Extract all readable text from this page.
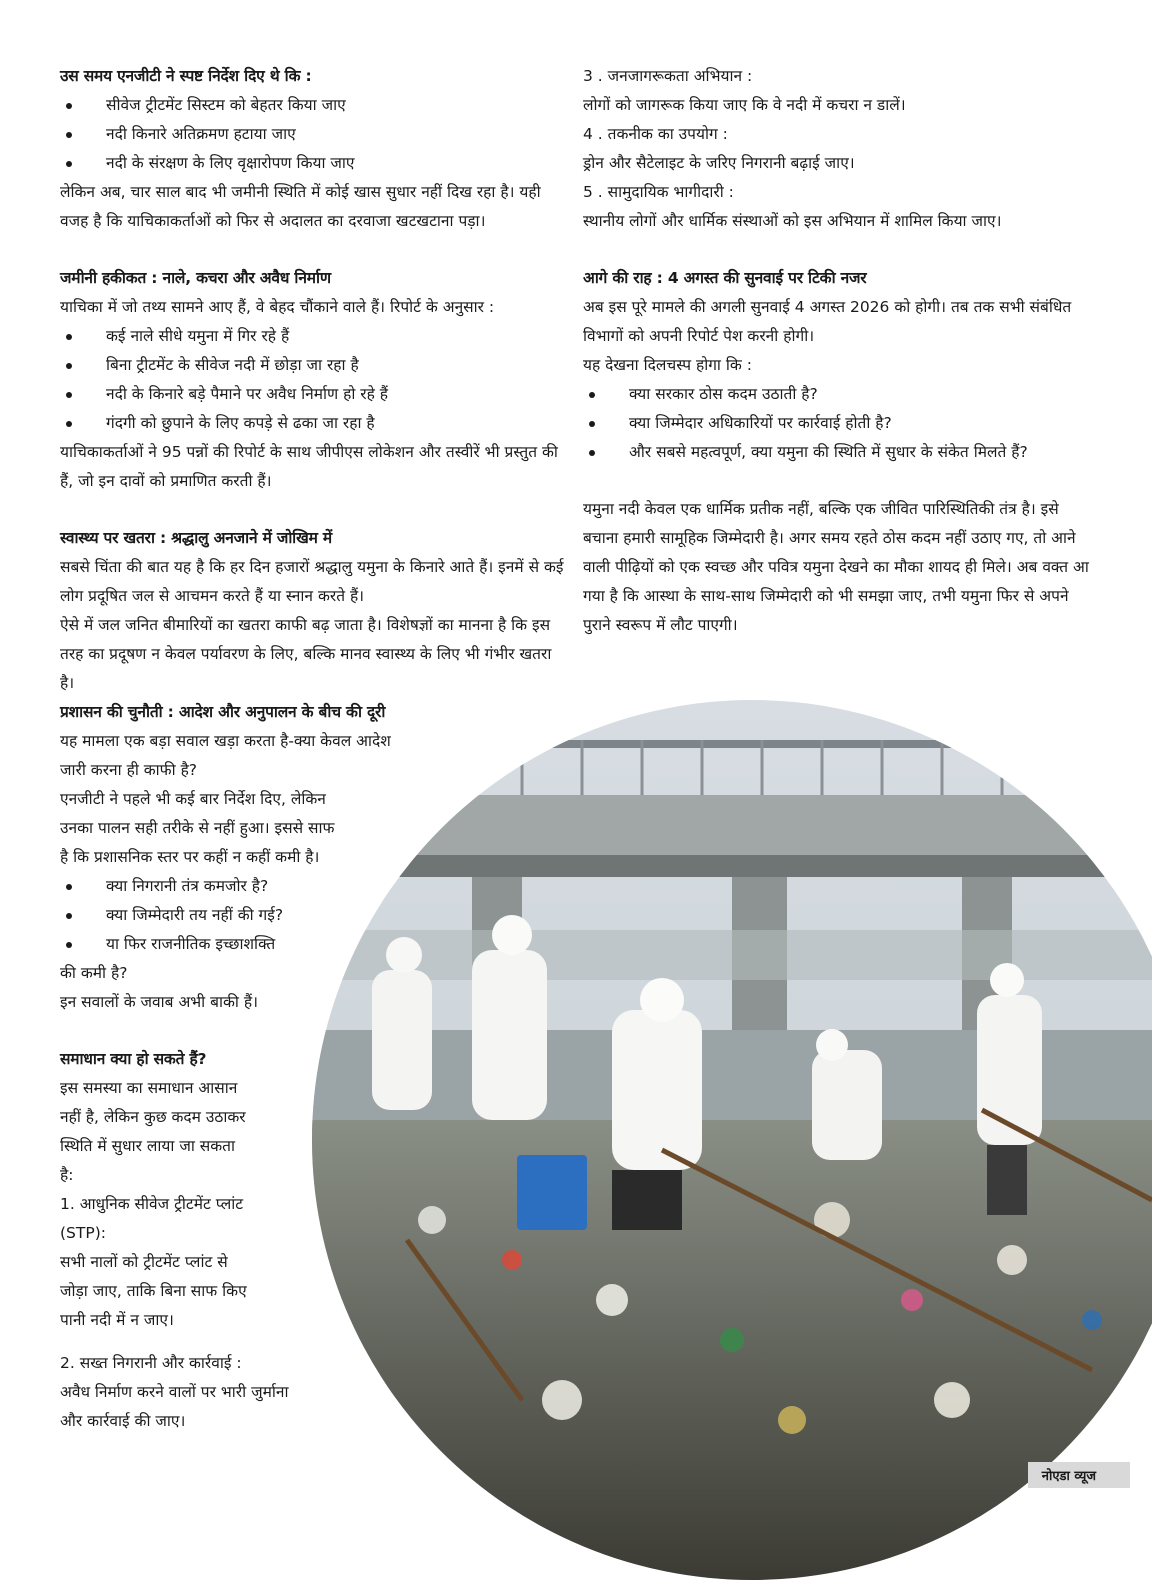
उस समय एनजीटी ने स्पष्ट निर्देश दिए थे कि :

सीवेज ट्रीटमेंट सिस्टम को बेहतर किया जाए
नदी किनारे अतिक्रमण हटाया जाए
नदी के संरक्षण के लिए वृक्षारोपण किया जाए

लेकिन अब, चार साल बाद भी जमीनी स्थिति में कोई खास सुधार नहीं दिख रहा है। यही वजह है कि याचिकाकर्ताओं को फिर से अदालत का दरवाजा खटखटाना पड़ा।

जमीनी हकीकत : नाले, कचरा और अवैध निर्माण

याचिका में जो तथ्य सामने आए हैं, वे बेहद चौंकाने वाले हैं। रिपोर्ट के अनुसार :

कई नाले सीधे यमुना में गिर रहे हैं
बिना ट्रीटमेंट के सीवेज नदी में छोड़ा जा रहा है
नदी के किनारे बड़े पैमाने पर अवैध निर्माण हो रहे हैं
गंदगी को छुपाने के लिए कपड़े से ढका जा रहा है

याचिकाकर्ताओं ने 95 पन्नों की रिपोर्ट के साथ जीपीएस लोकेशन और तस्वीरें भी प्रस्तुत की हैं, जो इन दावों को प्रमाणित करती हैं।

स्वास्थ्य पर खतरा : श्रद्धालु अनजाने में जोखिम में

सबसे चिंता की बात यह है कि हर दिन हजारों श्रद्धालु यमुना के किनारे आते हैं। इनमें से कई लोग प्रदूषित जल से आचमन करते हैं या स्नान करते हैं।

ऐसे में जल जनित बीमारियों का खतरा काफी बढ़ जाता है। विशेषज्ञों का मानना है कि इस तरह का प्रदूषण न केवल पर्यावरण के लिए, बल्कि मानव स्वास्थ्य के लिए भी गंभीर खतरा है।

3 . जनजागरूकता अभियान :

लोगों को जागरूक किया जाए कि वे नदी में कचरा न डालें।

4 . तकनीक का उपयोग :

ड्रोन और सैटेलाइट के जरिए निगरानी बढ़ाई जाए।

5 . सामुदायिक भागीदारी :

स्थानीय लोगों और धार्मिक संस्थाओं को इस अभियान में शामिल किया जाए।

आगे की राह : 4 अगस्त की सुनवाई पर टिकी नजर

अब इस पूरे मामले की अगली सुनवाई 4 अगस्त 2026 को होगी। तब तक सभी संबंधित विभागों को अपनी रिपोर्ट पेश करनी होगी।

यह देखना दिलचस्प होगा कि :

क्या सरकार ठोस कदम उठाती है?
क्या जिम्मेदार अधिकारियों पर कार्रवाई होती है?
और सबसे महत्वपूर्ण, क्या यमुना की स्थिति में सुधार के संकेत मिलते हैं?

यमुना नदी केवल एक धार्मिक प्रतीक नहीं, बल्कि एक जीवित पारिस्थितिकी तंत्र है। इसे बचाना हमारी सामूहिक जिम्मेदारी है। अगर समय रहते ठोस कदम नहीं उठाए गए, तो आने वाली पीढ़ियों को एक स्वच्छ और पवित्र यमुना देखने का मौका शायद ही मिले। अब वक्त आ गया है कि आस्था के साथ-साथ जिम्मेदारी को भी समझा जाए, तभी यमुना फिर से अपने पुराने स्वरूप में लौट पाएगी।

प्रशासन की चुनौती : आदेश और अनुपालन के बीच की दूरी

यह मामला एक बड़ा सवाल खड़ा करता है-क्या केवल आदेश

जारी करना ही काफी है?

एनजीटी ने पहले भी कई बार निर्देश दिए, लेकिन

उनका पालन सही तरीके से नहीं हुआ। इससे साफ

है कि प्रशासनिक स्तर पर कहीं न कहीं कमी है।

क्या निगरानी तंत्र कमजोर है?
क्या जिम्मेदारी तय नहीं की गई?
या फिर राजनीतिक इच्छाशक्ति

की कमी है?

इन सवालों के जवाब अभी बाकी हैं।

समाधान क्या हो सकते हैं?

इस समस्या का समाधान आसान

नहीं है, लेकिन कुछ कदम उठाकर

स्थिति में सुधार लाया जा सकता

है:

1. आधुनिक सीवेज ट्रीटमेंट प्लांट

(STP):

सभी नालों को ट्रीटमेंट प्लांट से

जोड़ा जाए, ताकि बिना साफ किए

पानी नदी में न जाए।

2. सख्त निगरानी और कार्रवाई :

अवैध निर्माण करने वालों पर भारी जुर्माना

और कार्रवाई की जाए।

नोएडा व्यूज
